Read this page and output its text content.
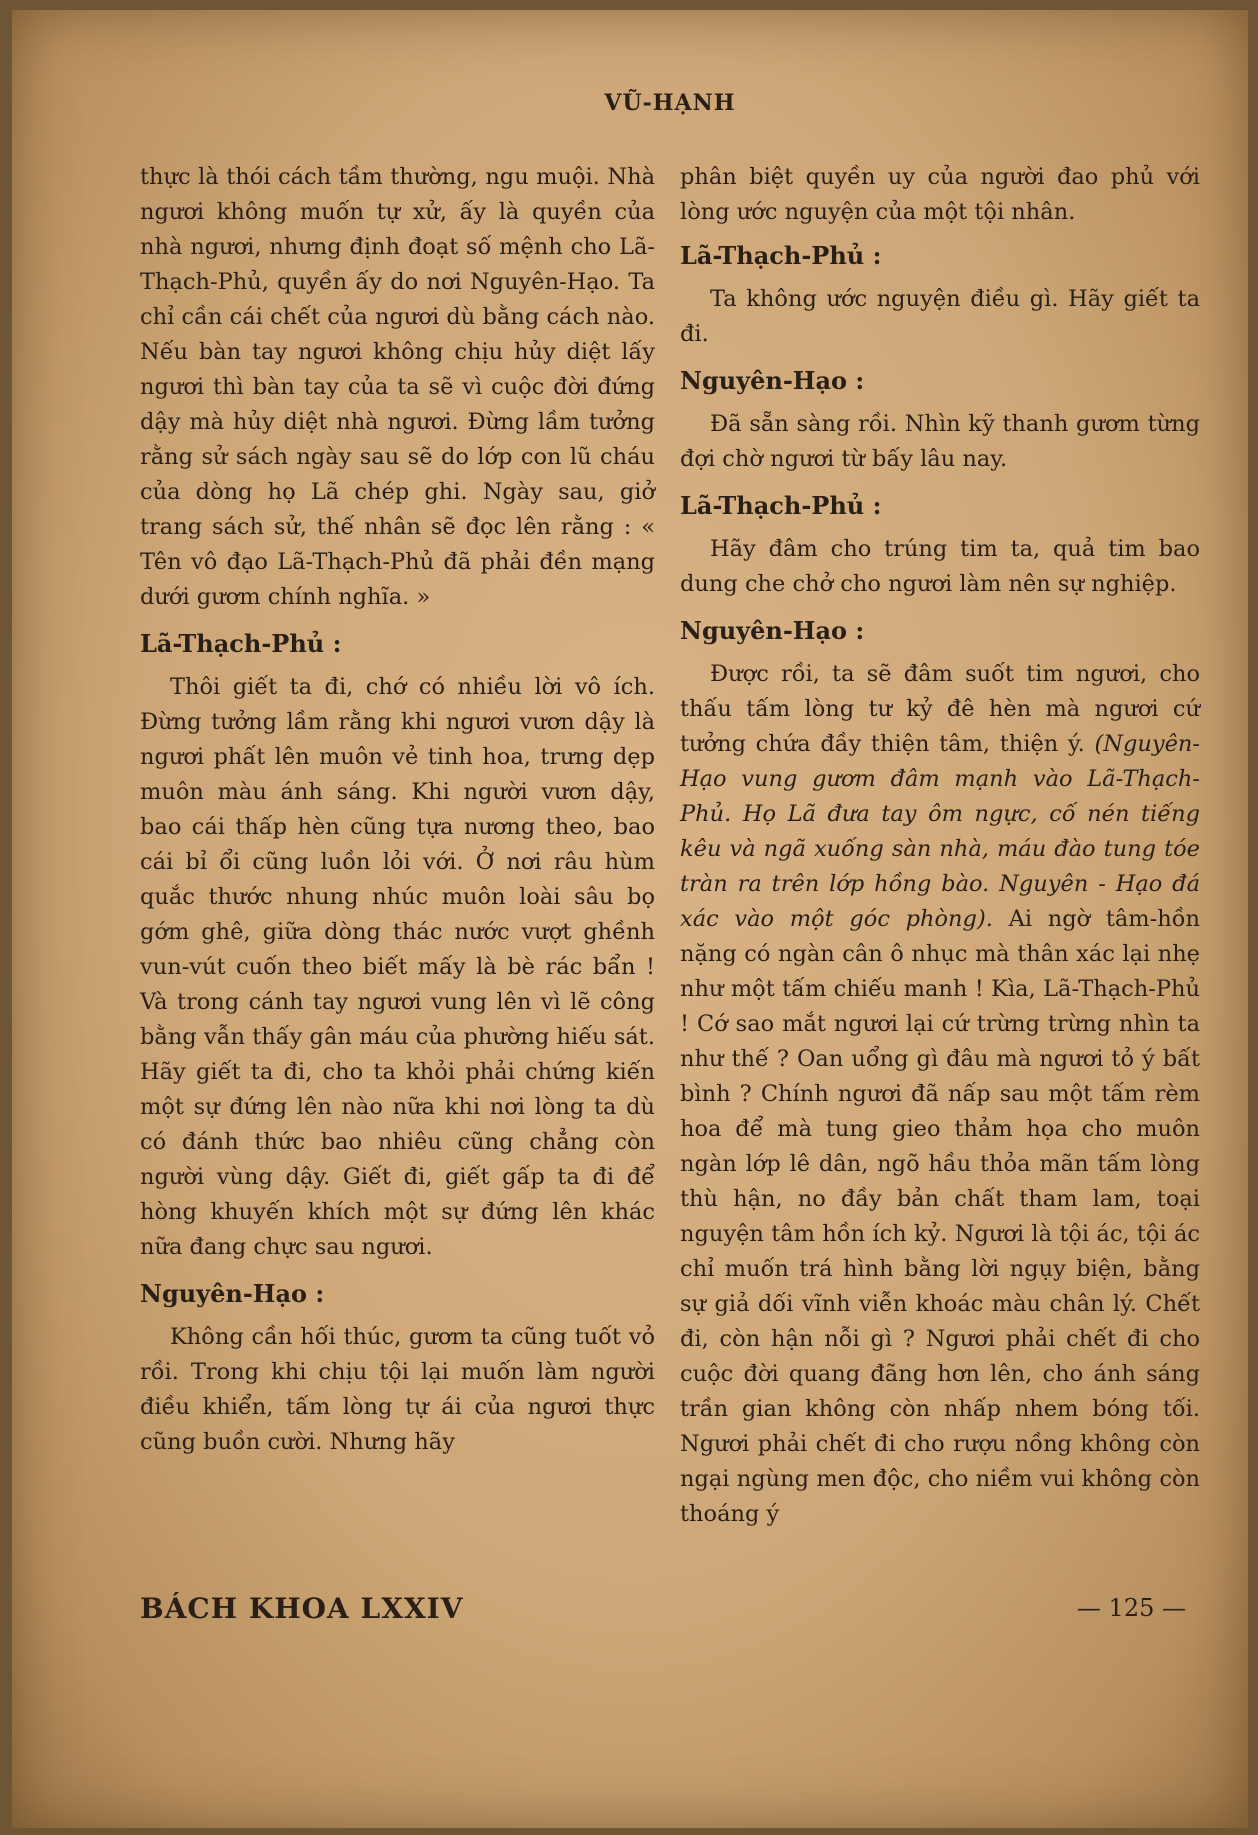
VŨ-HẠNH

thực là thói cách tầm thường, ngu muội. Nhà ngươi không muốn tự xử, ấy là quyền của nhà ngươi, nhưng định đoạt số mệnh cho Lã-Thạch-Phủ, quyền ấy do nơi Nguyên-Hạo. Ta chỉ cần cái chết của ngươi dù bằng cách nào. Nếu bàn tay ngươi không chịu hủy diệt lấy ngươi thì bàn tay của ta sẽ vì cuộc đời đứng dậy mà hủy diệt nhà ngươi. Đừng lầm tưởng rằng sử sách ngày sau sẽ do lớp con lũ cháu của dòng họ Lã chép ghi. Ngày sau, giở trang sách sử, thế nhân sẽ đọc lên rằng : « Tên vô đạo Lã-Thạch-Phủ đã phải đền mạng dưới gươm chính nghĩa. »

Lã-Thạch-Phủ :

Thôi giết ta đi, chớ có nhiều lời vô ích. Đừng tưởng lầm rằng khi ngươi vươn dậy là ngươi phất lên muôn vẻ tinh hoa, trưng dẹp muôn màu ánh sáng. Khi người vươn dậy, bao cái thấp hèn cũng tựa nương theo, bao cái bỉ ổi cũng luồn lỏi với. Ở nơi râu hùm quắc thước nhung nhúc muôn loài sâu bọ gớm ghê, giữa dòng thác nước vượt ghềnh vun-vút cuốn theo biết mấy là bè rác bẩn ! Và trong cánh tay ngươi vung lên vì lẽ công bằng vẫn thấy gân máu của phường hiếu sát. Hãy giết ta đi, cho ta khỏi phải chứng kiến một sự đứng lên nào nữa khi nơi lòng ta dù có đánh thức bao nhiêu cũng chẳng còn người vùng dậy. Giết đi, giết gấp ta đi để hòng khuyến khích một sự đứng lên khác nữa đang chực sau ngươi.

Nguyên-Hạo :

Không cần hối thúc, gươm ta cũng tuốt vỏ rồi. Trong khi chịu tội lại muốn làm người điều khiển, tấm lòng tự ái của ngươi thực cũng buồn cười. Nhưng hãy

phân biệt quyền uy của người đao phủ với lòng ước nguyện của một tội nhân.

Lã-Thạch-Phủ :

Ta không ước nguyện điều gì. Hãy giết ta đi.

Nguyên-Hạo :

Đã sẵn sàng rồi. Nhìn kỹ thanh gươm từng đợi chờ ngươi từ bấy lâu nay.

Lã-Thạch-Phủ :

Hãy đâm cho trúng tim ta, quả tim bao dung che chở cho ngươi làm nên sự nghiệp.

Nguyên-Hạo :

Được rồi, ta sẽ đâm suốt tim ngươi, cho thấu tấm lòng tư kỷ đê hèn mà ngươi cứ tưởng chứa đầy thiện tâm, thiện ý. (Nguyên-Hạo vung gươm đâm mạnh vào Lã-Thạch-Phủ. Họ Lã đưa tay ôm ngực, cố nén tiếng kêu và ngã xuống sàn nhà, máu đào tung tóe tràn ra trên lớp hồng bào. Nguyên - Hạo đá xác vào một góc phòng). Ai ngờ tâm-hồn nặng có ngàn cân ô nhục mà thân xác lại nhẹ như một tấm chiếu manh ! Kìa, Lã-Thạch-Phủ ! Cớ sao mắt ngươi lại cứ trừng trừng nhìn ta như thế ? Oan uổng gì đâu mà ngươi tỏ ý bất bình ? Chính ngươi đã nấp sau một tấm rèm hoa để mà tung gieo thảm họa cho muôn ngàn lớp lê dân, ngõ hầu thỏa mãn tấm lòng thù hận, no đầy bản chất tham lam, toại nguyện tâm hồn ích kỷ. Ngươi là tội ác, tội ác chỉ muốn trá hình bằng lời ngụy biện, bằng sự giả dối vĩnh viễn khoác màu chân lý. Chết đi, còn hận nỗi gì ? Ngươi phải chết đi cho cuộc đời quang đãng hơn lên, cho ánh sáng trần gian không còn nhấp nhem bóng tối. Ngươi phải chết đi cho rượu nồng không còn ngại ngùng men độc, cho niềm vui không còn thoáng ý

BÁCH KHOA LXXIV	— 125 —
